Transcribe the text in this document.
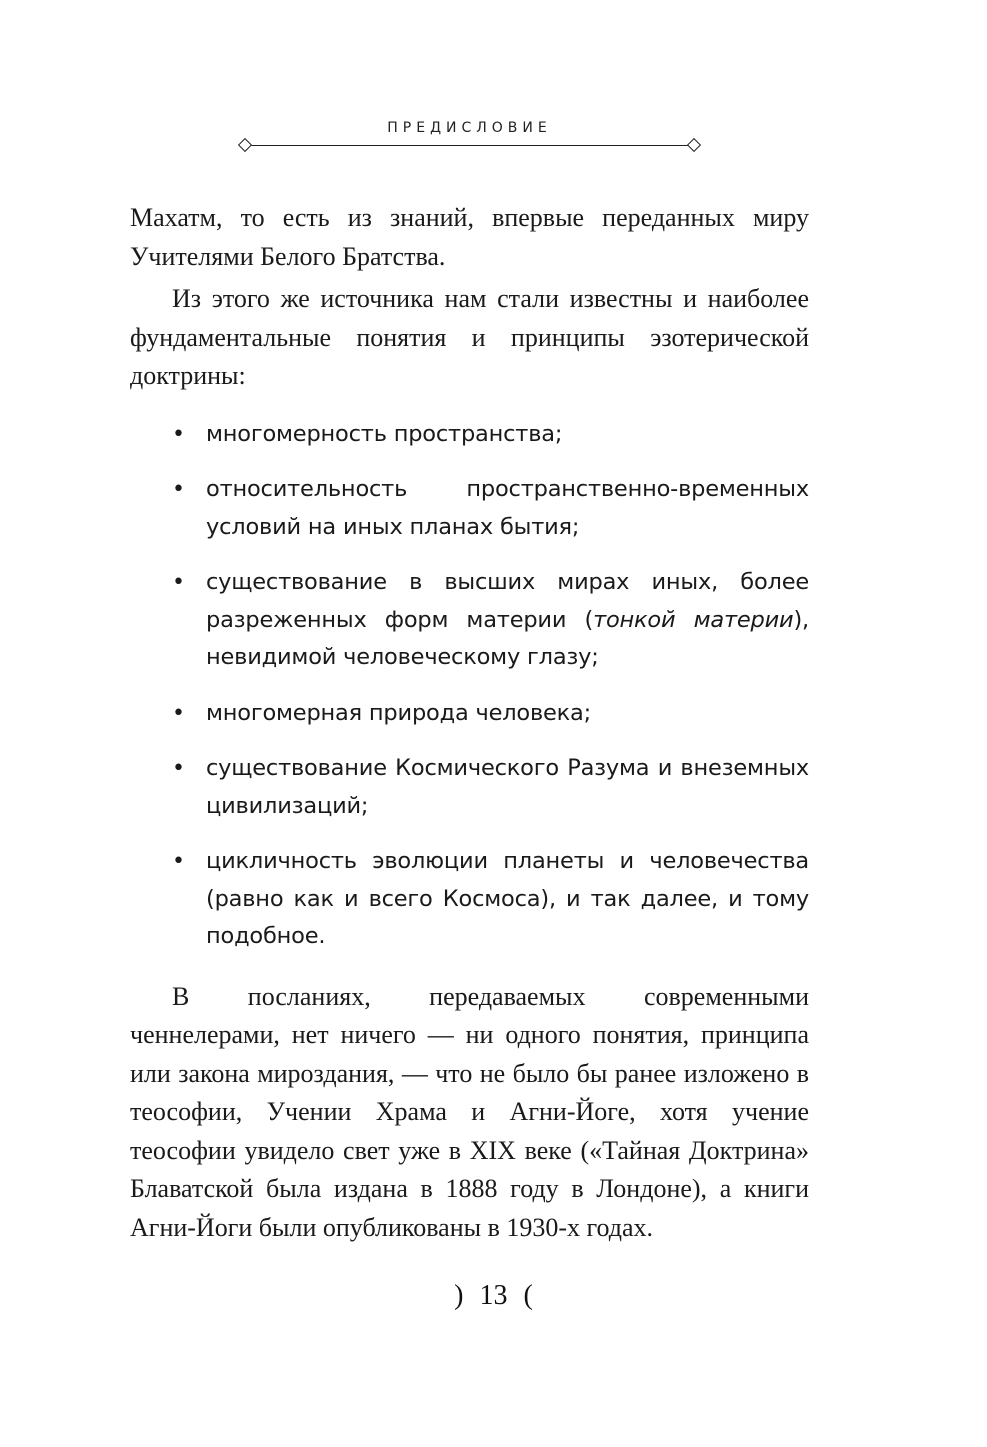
ПРЕДИСЛОВИЕ

Махатм, то есть из знаний, впервые переданных миру Учителями Белого Братства.

Из этого же источника нам стали известны и наиболее фундаментальные понятия и принципы эзотерической доктрины:

• многомерность пространства;
• относительность пространственно-временных условий на иных планах бытия;
• существование в высших мирах иных, более разреженных форм материи (тонкой материи), невидимой человеческому глазу;
• многомерная природа человека;
• существование Космического Разума и внеземных цивилизаций;
• цикличность эволюции планеты и человечества (равно как и всего Космоса), и так далее, и тому подобное.

В посланиях, передаваемых современными ченнелерами, нет ничего — ни одного понятия, принципа или закона мироздания, — что не было бы ранее изложено в теософии, Учении Храма и Агни-Йоге, хотя учение теософии увидело свет уже в XIX веке («Тайная Доктрина» Блаватской была издана в 1888 году в Лондоне), а книги Агни-Йоги были опубликованы в 1930-х годах.

) 13 (
